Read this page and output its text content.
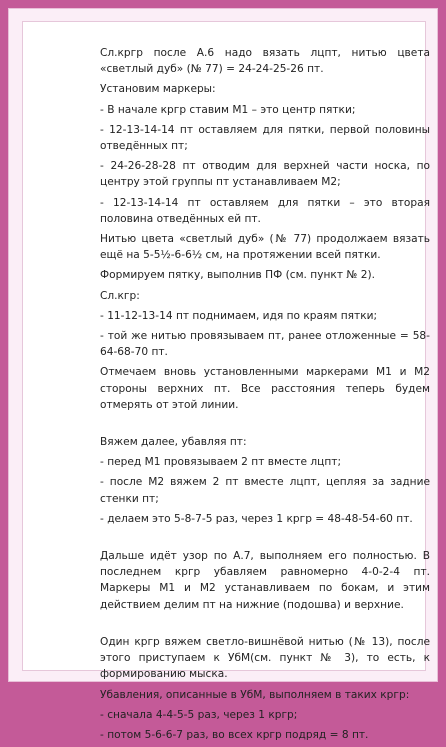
Сл.кргр после А.6 надо вязать лцпт, нитью цвета «светлый дуб» (№ 77) = 24-24-25-26 пт.

Установим маркеры:

- В начале кргр ставим М1 – это центр пятки;

- 12-13-14-14 пт оставляем для пятки, первой половины отведённых пт;

- 24-26-28-28 пт отводим для верхней части носка, по центру этой группы пт устанавливаем М2;

- 12-13-14-14 пт оставляем для пятки – это вторая половина отведённых ей пт.

Нитью цвета «светлый дуб» (№ 77) продолжаем вязать ещё на 5-5½-6-6½ см, на протяжении всей пятки.

Формируем пятку, выполнив ПФ (см. пункт № 2).

Сл.кгр:

- 11-12-13-14 пт поднимаем, идя по краям пятки;

- той же нитью провязываем пт, ранее отложенные = 58-64-68-70 пт.

Отмечаем вновь установленными маркерами М1 и М2 стороны верхних пт. Все расстояния теперь будем отмерять от этой линии.

Вяжем далее, убавляя пт:

- перед М1 провязываем 2 пт вместе лцпт;

- после М2 вяжем 2 пт вместе лцпт, цепляя за задние стенки пт;

- делаем это 5-8-7-5 раз, через 1 кргр = 48-48-54-60 пт.

Дальше идёт узор по А.7, выполняем его полностью. В последнем кргр убавляем равномерно 4-0-2-4 пт. Маркеры М1 и М2 устанавливаем по бокам, и этим действием делим пт на нижние (подошва) и верхние.

Один кргр вяжем светло-вишнёвой нитью (№ 13), после этого приступаем к УбМ(см. пункт № 3), то есть, к формированию мыска.

Убавления, описанные в УбМ, выполняем в таких кргр:

- сначала 4-4-5-5 раз, через 1 кргр;

- потом 5-6-6-7 раз, во всех кргр подряд = 8 пт.
